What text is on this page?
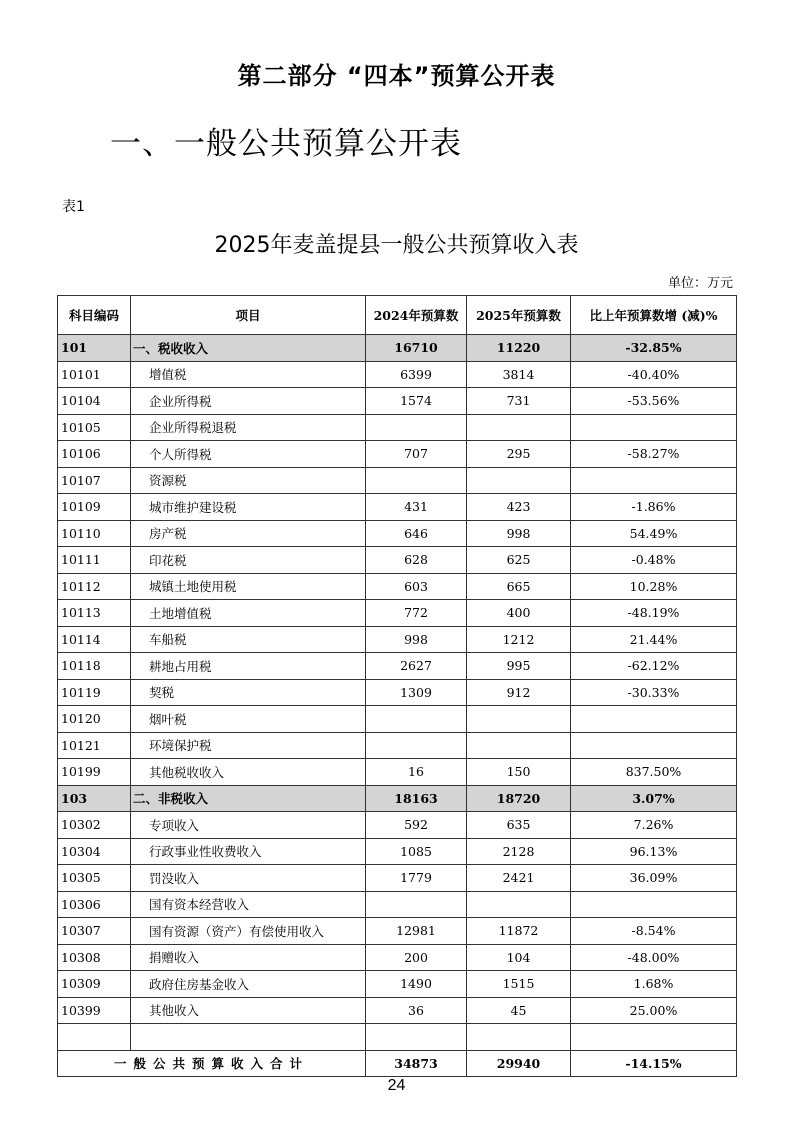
第二部分 “四本”预算公开表
一、一般公共预算公开表
表1
2025年麦盖提县一般公共预算收入表
单位：万元
科目编码	项目	2024年预算数	2025年预算数	比上年预算数增 (减)%
101	一、税收收入	16710	11220	-32.85%
10101	增值税	6399	3814	-40.40%
10104	企业所得税	1574	731	-53.56%
10105	企业所得税退税			
10106	个人所得税	707	295	-58.27%
10107	资源税			
10109	城市维护建设税	431	423	-1.86%
10110	房产税	646	998	54.49%
10111	印花税	628	625	-0.48%
10112	城镇土地使用税	603	665	10.28%
10113	土地增值税	772	400	-48.19%
10114	车船税	998	1212	21.44%
10118	耕地占用税	2627	995	-62.12%
10119	契税	1309	912	-30.33%
10120	烟叶税			
10121	环境保护税			
10199	其他税收收入	16	150	837.50%
103	二、非税收入	18163	18720	3.07%
10302	专项收入	592	635	7.26%
10304	行政事业性收费收入	1085	2128	96.13%
10305	罚没收入	1779	2421	36.09%
10306	国有资本经营收入			
10307	国有资源（资产）有偿使用收入	12981	11872	-8.54%
10308	捐赠收入	200	104	-48.00%
10309	政府住房基金收入	1490	1515	1.68%
10399	其他收入	36	45	25.00%

一般公共预算收入合计		34873	29940	-14.15%
24
